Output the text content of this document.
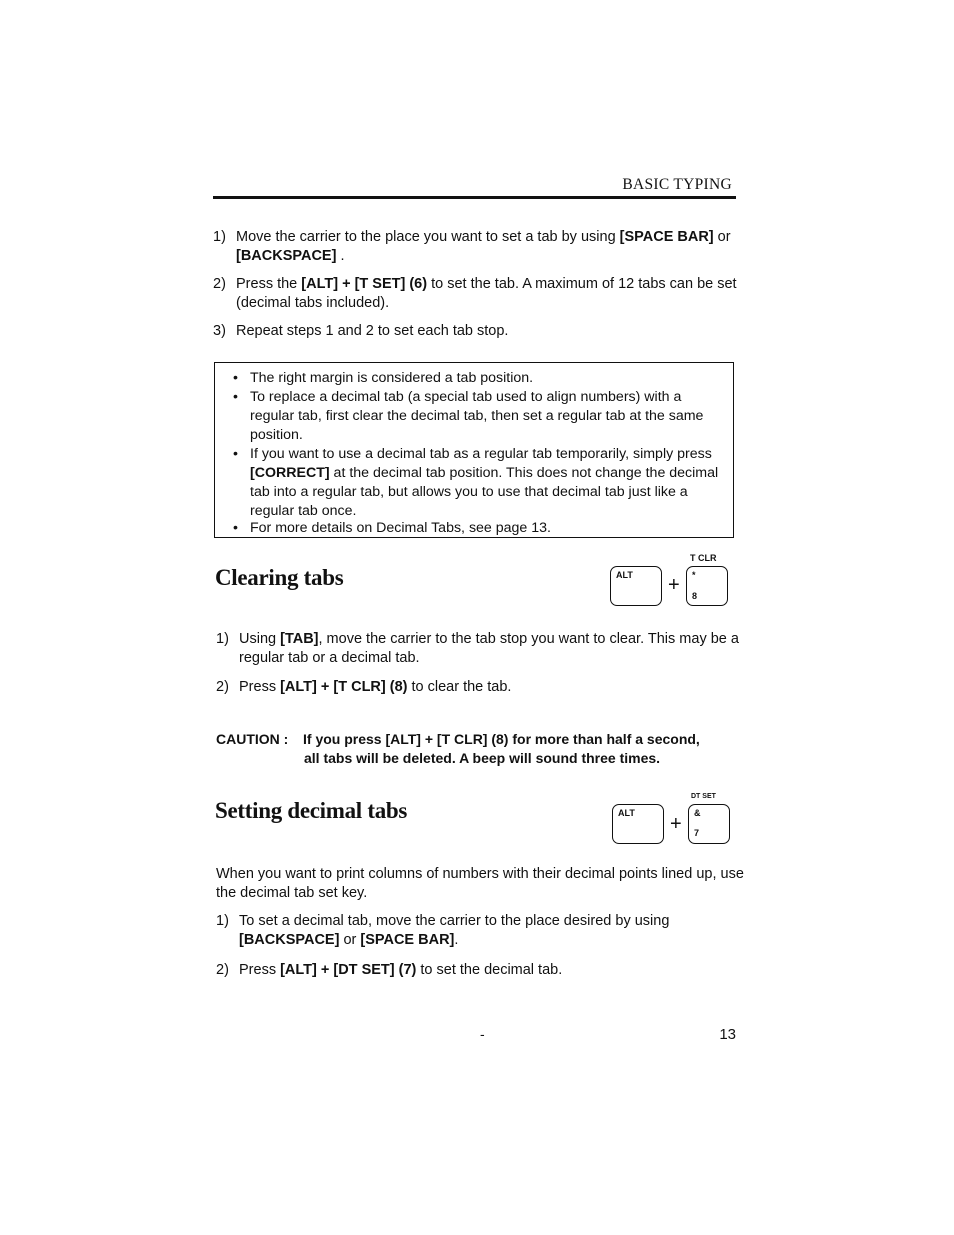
BASIC TYPING
1) Move the carrier to the place you want to set a tab by using [SPACE BAR] or [BACKSPACE] .
2) Press the [ALT] + [T SET] (6) to set the tab. A maximum of 12 tabs can be set (decimal tabs included).
3) Repeat steps 1 and 2 to set each tab stop.
• The right margin is considered a tab position.
• To replace a decimal tab (a special tab used to align numbers) with a regular tab, first clear the decimal tab, then set a regular tab at the same position.
• If you want to use a decimal tab as a regular tab temporarily, simply press [CORRECT] at the decimal tab position. This does not change the decimal tab into a regular tab, but allows you to use that decimal tab just like a regular tab once.
• For more details on Decimal Tabs, see page 13.
Clearing tabs	ALT +
T CLR
*
8
1) Using [TAB], move the carrier to the tab stop you want to clear. This may be a regular tab or a decimal tab.
2) Press [ALT] + [T CLR] (8) to clear the tab.
CAUTION : If you press [ALT] + [T CLR] (8) for more than half a second,
all tabs will be deleted. A beep will sound three times.
Setting decimal tabs	ALT +
DT SET
&
7
When you want to print columns of numbers with their decimal points lined up, use the decimal tab set key.
1) To set a decimal tab, move the carrier to the place desired by using [BACKSPACE] or [SPACE BAR].
2) Press [ALT] + [DT SET] (7) to set the decimal tab.
-	13
